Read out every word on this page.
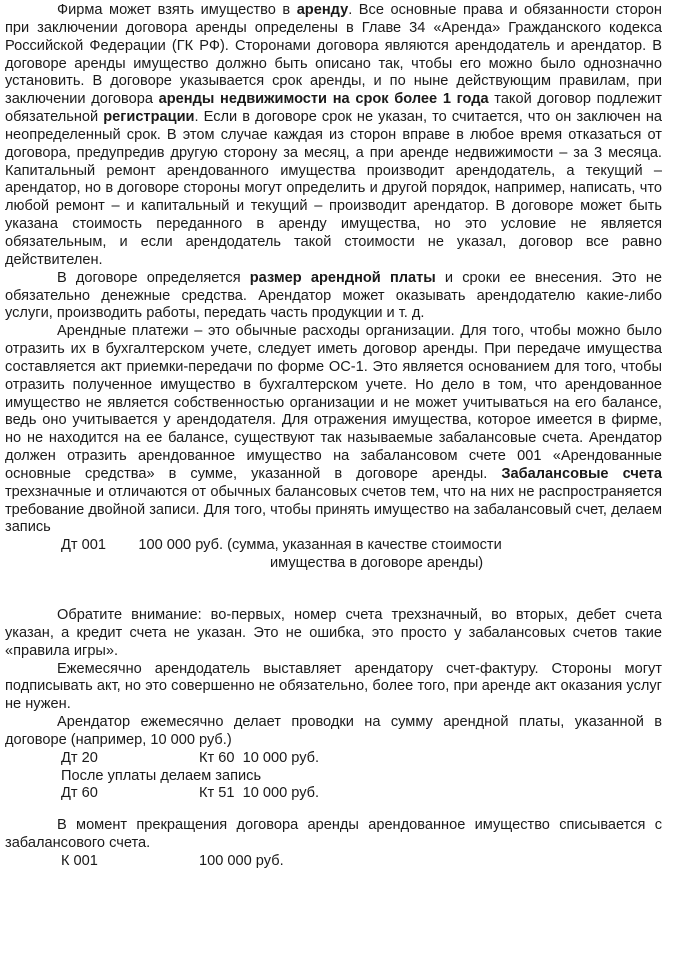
Фирма может взять имущество в аренду. Все основные права и обязанности сторон при заключении договора аренды определены в Главе 34 «Аренда» Гражданского кодекса Российской Федерации (ГК РФ). Сторонами договора являются арендодатель и арендатор. В договоре аренды имущество должно быть описано так, чтобы его можно было однозначно установить. В договоре указывается срок аренды, и по ныне действующим правилам, при заключении договора аренды недвижимости на срок более 1 года такой договор подлежит обязательной регистрации. Если в договоре срок не указан, то считается, что он заключен на неопределенный срок. В этом случае каждая из сторон вправе в любое время отказаться от договора, предупредив другую сторону за месяц, а при аренде недвижимости – за 3 месяца. Капитальный ремонт арендованного имущества производит арендодатель, а текущий – арендатор, но в договоре стороны могут определить и другой порядок, например, написать, что любой ремонт – и капитальный и текущий – производит арендатор. В договоре может быть указана стоимость переданного в аренду имущества, но это условие не является обязательным, и если арендодатель такой стоимости не указал, договор все равно действителен.

В договоре определяется размер арендной платы и сроки ее внесения. Это не обязательно денежные средства. Арендатор может оказывать арендодателю какие-либо услуги, производить работы, передать часть продукции и т. д.

Арендные платежи – это обычные расходы организации. Для того, чтобы можно было отразить их в бухгалтерском учете, следует иметь договор аренды. При передаче имущества составляется акт приемки-передачи по форме ОС-1. Это является основанием для того, чтобы отразить полученное имущество в бухгалтерском учете. Но дело в том, что арендованное имущество не является собственностью организации и не может учитываться на его балансе, ведь оно учитывается у арендодателя. Для отражения имущества, которое имеется в фирме, но не находится на ее балансе, существуют так называемые забалансовые счета. Арендатор должен отразить арендованное имущество на забалансовом счете 001 «Арендованные основные средства» в сумме, указанной в договоре аренды. Забалансовые счета трехзначные и отличаются от обычных балансовых счетов тем, что на них не распространяется требование двойной записи. Для того, чтобы принять имущество на забалансовый счет, делаем запись

Дт 001        100 000 руб. (сумма, указанная в качестве стоимости
имущества в договоре аренды)

Обратите внимание: во-первых, номер счета трехзначный, во вторых, дебет счета указан, а кредит счета не указан. Это не ошибка, это просто у забалансовых счетов такие «правила игры».

Ежемесячно арендодатель выставляет арендатору счет-фактуру. Стороны могут подписывать акт, но это совершенно не обязательно, более того, при аренде акт оказания услуг не нужен.

Арендатор ежемесячно делает проводки на сумму арендной платы, указанной в договоре (например, 10 000 руб.)

Дт 20	Кт 60  10 000 руб.
После уплаты делаем запись
Дт 60	Кт 51  10 000 руб.

В момент прекращения договора аренды арендованное имущество списывается с забалансового счета.

К 001	100 000 руб.
